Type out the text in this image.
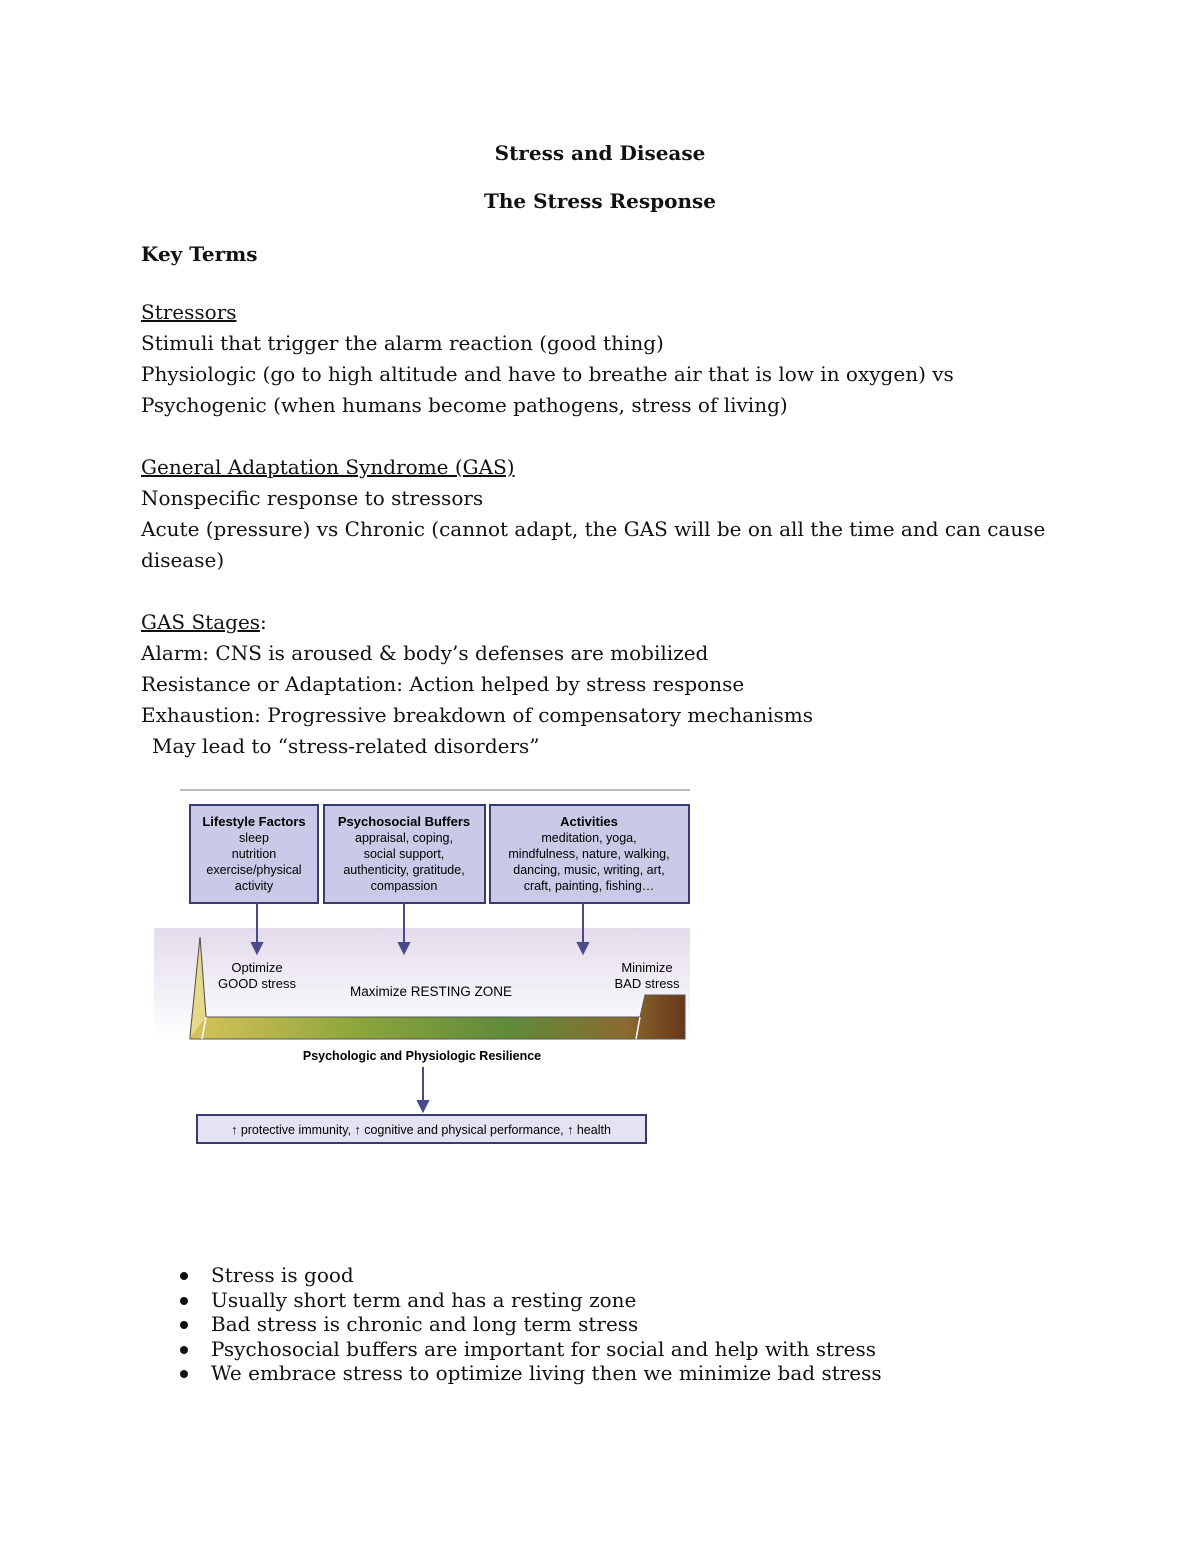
Stress and Disease
The Stress Response
Key Terms

Stressors

Stimuli that trigger the alarm reaction (good thing)

Physiologic (go to high altitude and have to breathe air that is low in oxygen) vs Psychogenic (when humans become pathogens, stress of living)

General Adaptation Syndrome (GAS)

Nonspecific response to stressors

Acute (pressure) vs Chronic (cannot adapt, the GAS will be on all the time and can cause disease)

GAS Stages:

Alarm: CNS is aroused & body’s defenses are mobilized

Resistance or Adaptation: Action helped by stress response

Exhaustion: Progressive breakdown of compensatory mechanisms

May lead to “stress-related disorders”

Lifestyle Factors
sleep
nutrition
exercise/physical
activity
Psychosocial Buffers
appraisal, coping,
social support,
authenticity, gratitude,
compassion
Activities
meditation, yoga,
mindfulness, nature, walking,
dancing, music, writing, art,
craft, painting, fishing…
Optimize
GOOD stress
Maximize RESTING ZONE
Minimize
BAD stress
Psychologic and Physiologic Resilience
↑ protective immunity, ↑ cognitive and physical performance, ↑ health
Stress is good
Usually short term and has a resting zone
Bad stress is chronic and long term stress
Psychosocial buffers are important for social and help with stress
We embrace stress to optimize living then we minimize bad stress
